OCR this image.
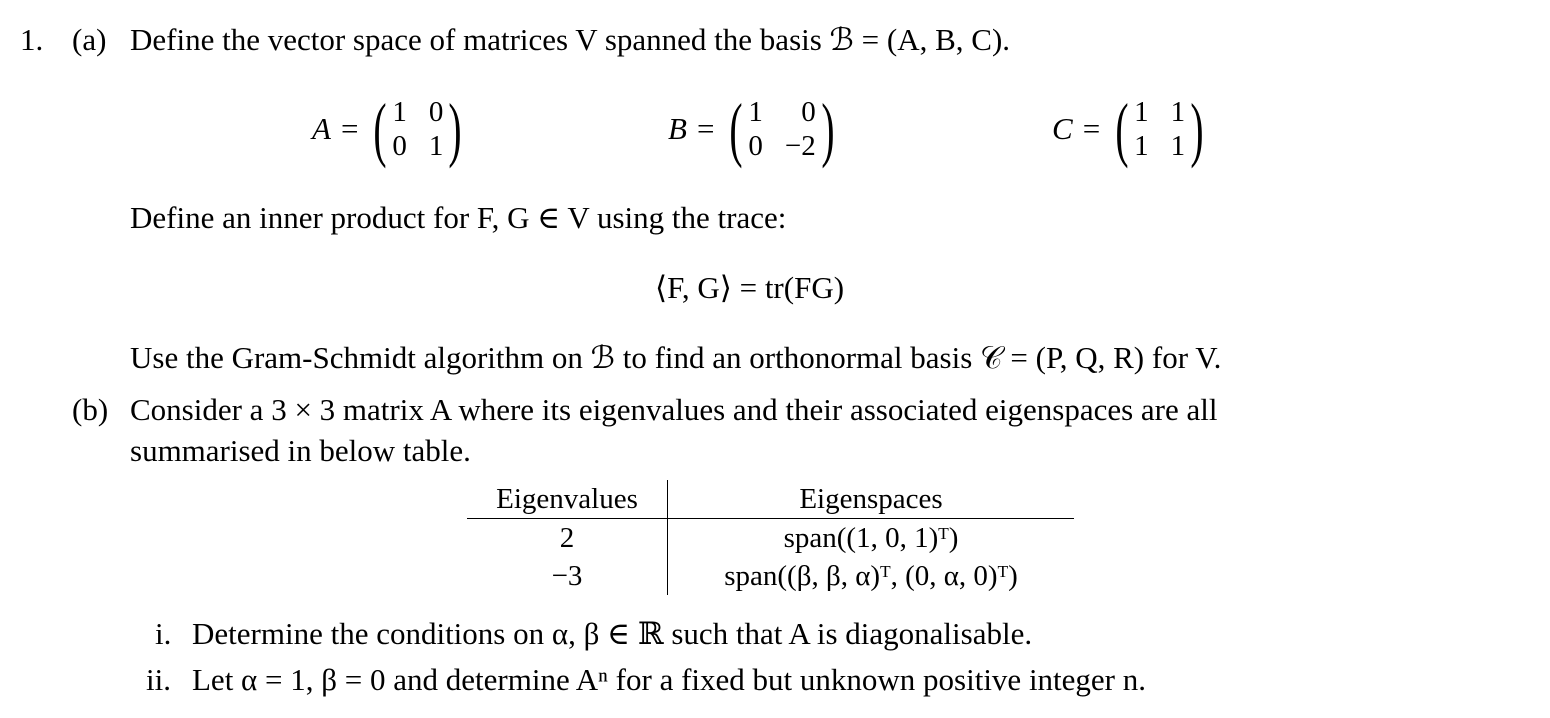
1. (a) Define the vector space of matrices V spanned the basis ℬ = (A, B, C).
A = ( 1 0
0 1 )	B = ( 1	0
0 −2 )	C = ( 1 1
1 1 )
Define an inner product for F, G ∈ V using the trace:
⟨F, G⟩ = tr(FG)
Use the Gram-Schmidt algorithm on ℬ to find an orthonormal basis 𝒞 = (P, Q, R) for V.
(b) Consider a 3 × 3 matrix A where its eigenvalues and their associated eigenspaces are all
summarised in below table.
Eigenvalues	Eigenspaces
2	span((1, 0, 1)ᵀ)
−3	span((β, β, α)ᵀ, (0, α, 0)ᵀ)
i. Determine the conditions on α, β ∈ ℝ such that A is diagonalisable.
ii. Let α = 1, β = 0 and determine Aⁿ for a fixed but unknown positive integer n.
